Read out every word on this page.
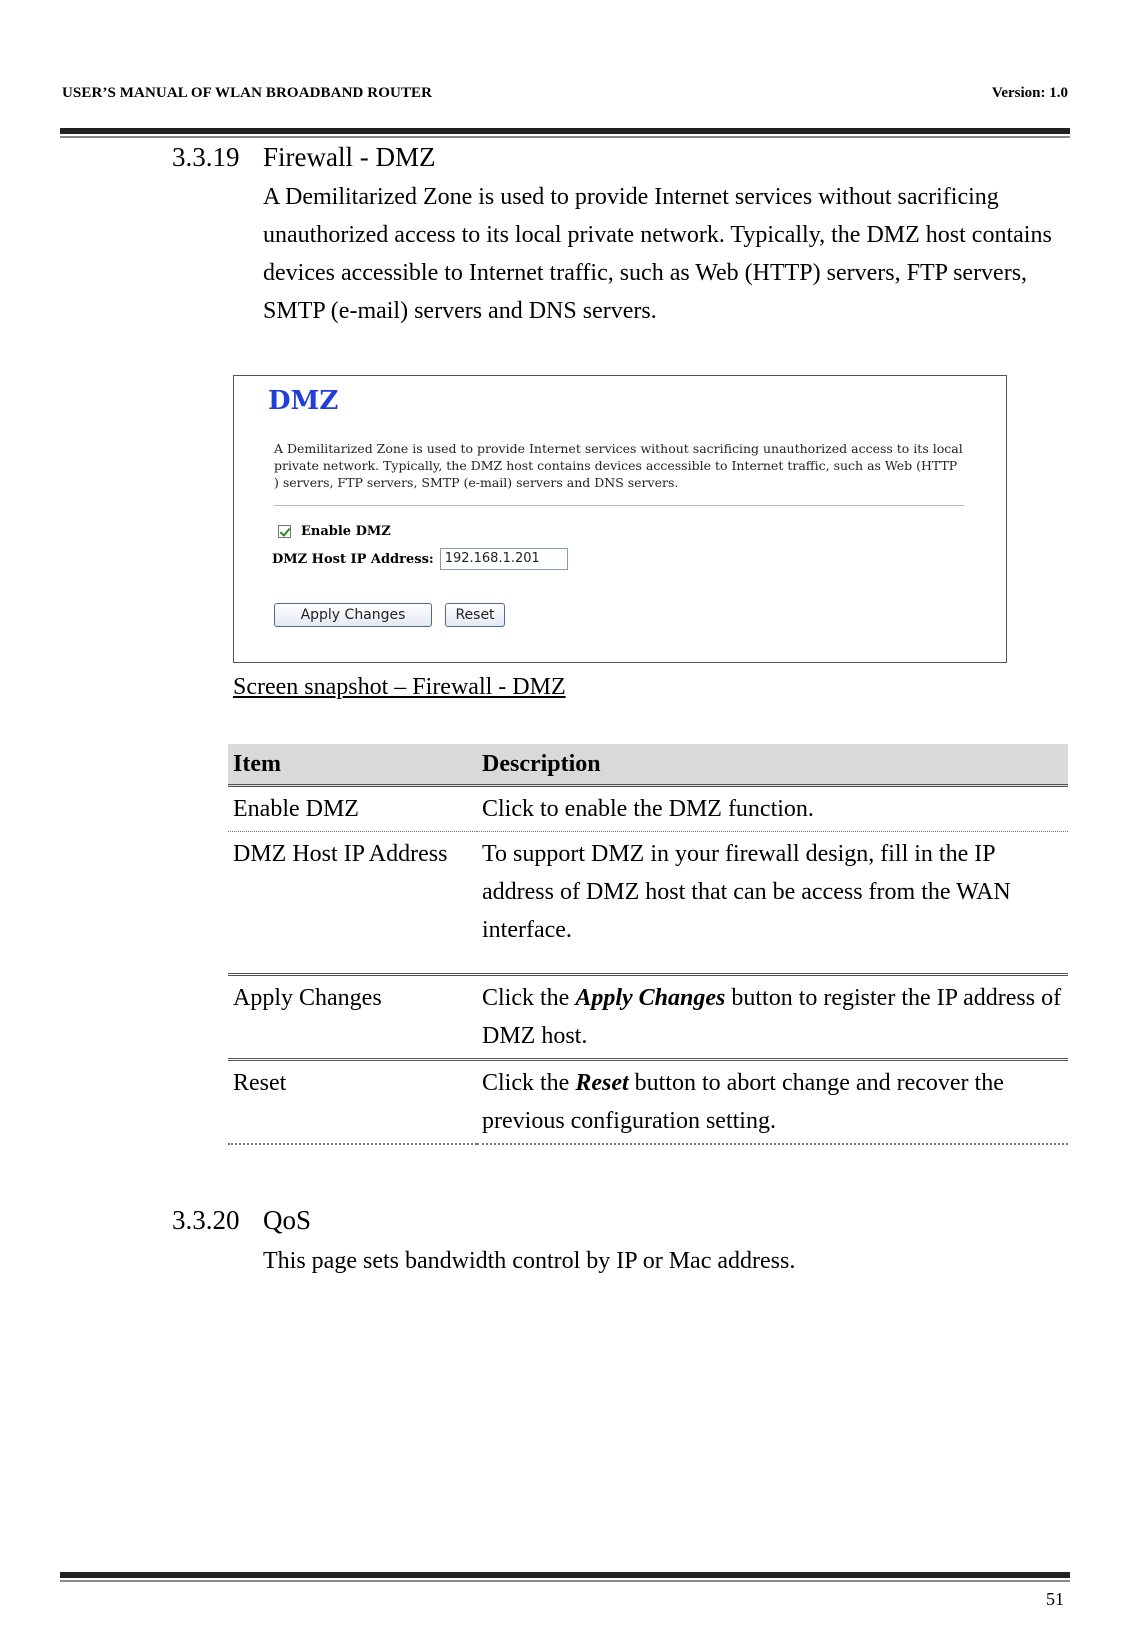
USER’S MANUAL OF WLAN BROADBAND ROUTER	Version: 1.0
3.3.19 Firewall - DMZ
A Demilitarized Zone is used to provide Internet services without sacrificing unauthorized access to its local private network. Typically, the DMZ host contains devices accessible to Internet traffic, such as Web (HTTP) servers, FTP servers, SMTP (e-mail) servers and DNS servers.
DMZ
A Demilitarized Zone is used to provide Internet services without sacrificing unauthorized access to its local private network. Typically, the DMZ host contains devices accessible to Internet traffic, such as Web (HTTP ) servers, FTP servers, SMTP (e-mail) servers and DNS servers.
Enable DMZ
DMZ Host IP Address: 192.168.1.201
Apply Changes	Reset
Screen snapshot – Firewall - DMZ
Item	Description
Enable DMZ	Click to enable the DMZ function.
DMZ Host IP Address	To support DMZ in your firewall design, fill in the IP address of DMZ host that can be access from the WAN interface.
Apply Changes	Click the Apply Changes button to register the IP address of DMZ host.
Reset	Click the Reset button to abort change and recover the previous configuration setting.
3.3.20 QoS
This page sets bandwidth control by IP or Mac address.
51
